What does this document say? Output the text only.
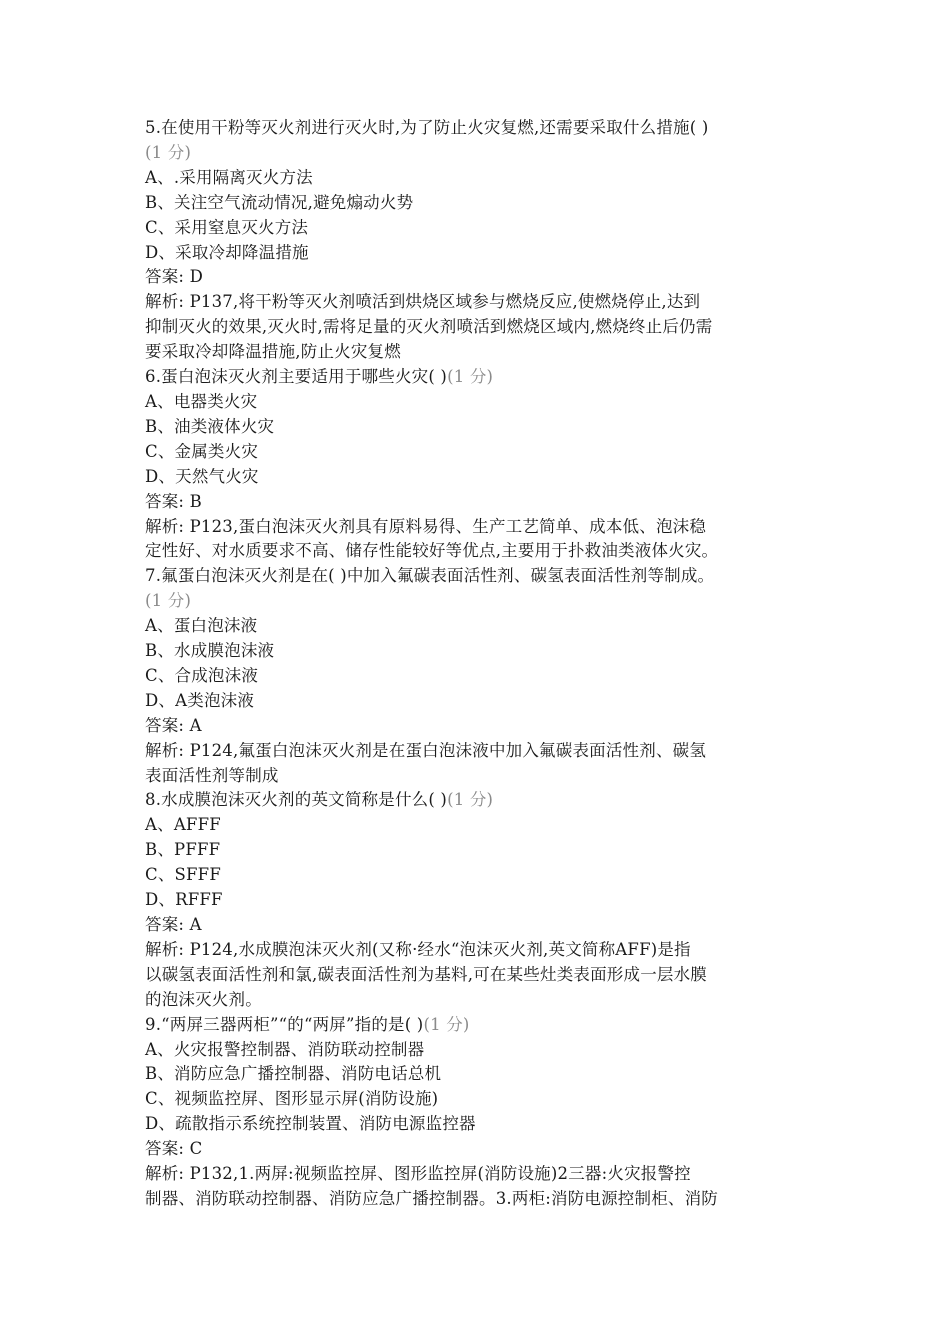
5.在使用干粉等灭火剂进行灭火时,为了防止火灾复燃,还需要采取什么措施( )
(1 分)
A、.采用隔离灭火方法
B、关注空气流动情况,避免煽动火势
C、采用窒息灭火方法
D、采取冷却降温措施
答案: D
解析: P137,将干粉等灭火剂喷活到烘烧区域参与燃烧反应,使燃烧停止,达到
抑制灭火的效果,灭火时,需将足量的灭火剂喷活到燃烧区域内,燃烧终止后仍需
要采取冷却降温措施,防止火灾复燃
6.蛋白泡沫灭火剂主要适用于哪些火灾( )(1 分)
A、电器类火灾
B、油类液体火灾
C、金属类火灾
D、天然气火灾
答案: B
解析: P123,蛋白泡沫灭火剂具有原料易得、生产工艺简单、成本低、泡沫稳
定性好、对水质要求不高、储存性能较好等优点,主要用于扑救油类液体火灾。
7.氟蛋白泡沫灭火剂是在( )中加入氟碳表面活性剂、碳氢表面活性剂等制成。
(1 分)
A、蛋白泡沫液
B、水成膜泡沫液
C、合成泡沫液
D、A类泡沫液
答案: A
解析: P124,氟蛋白泡沫灭火剂是在蛋白泡沫液中加入氟碳表面活性剂、碳氢
表面活性剂等制成
8.水成膜泡沫灭火剂的英文简称是什么( )(1 分)
A、AFFF
B、PFFF
C、SFFF
D、RFFF
答案: A
解析: P124,水成膜泡沫灭火剂(又称·经水“泡沫灭火剂,英文简称AFF)是指
以碳氢表面活性剂和氯,碳表面活性剂为基料,可在某些灶类表面形成一层水膜
的泡沫灭火剂。
9.“两屏三器两柜”“的“两屏”指的是( )(1 分)
A、火灾报警控制器、消防联动控制器
B、消防应急广播控制器、消防电话总机
C、视频监控屏、图形显示屏(消防设施)
D、疏散指示系统控制装置、消防电源监控器
答案: C
解析: P132,1.两屏:视频监控屏、图形监控屏(消防设施)2三器:火灾报警控
制器、消防联动控制器、消防应急广播控制器。3.两柜:消防电源控制柜、消防
